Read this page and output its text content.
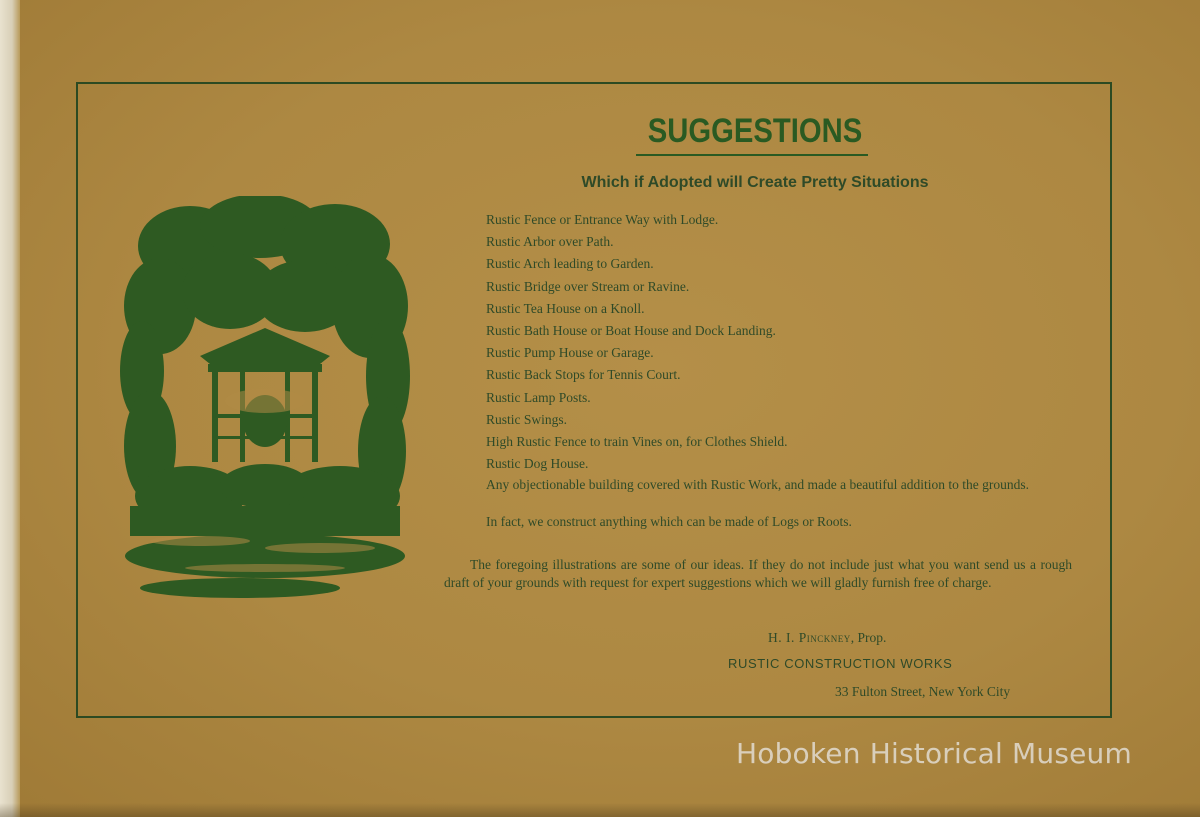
SUGGESTIONS
Which if Adopted will Create Pretty Situations
Rustic Fence or Entrance Way with Lodge.
Rustic Arbor over Path.
Rustic Arch leading to Garden.
Rustic Bridge over Stream or Ravine.
Rustic Tea House on a Knoll.
Rustic Bath House or Boat House and Dock Landing.
Rustic Pump House or Garage.
Rustic Back Stops for Tennis Court.
Rustic Lamp Posts.
Rustic Swings.
High Rustic Fence to train Vines on, for Clothes Shield.
Rustic Dog House.
Any objectionable building covered with Rustic Work, and made a beautiful addition to the grounds.
In fact, we construct anything which can be made of Logs or Roots.

The foregoing illustrations are some of our ideas. If they do not include just what you want send us a rough draft of your grounds with request for expert suggestions which we will gladly furnish free of charge.

H. I. Pinckney, Prop.
RUSTIC CONSTRUCTION WORKS
33 Fulton Street, New York City
Hoboken Historical Museum
